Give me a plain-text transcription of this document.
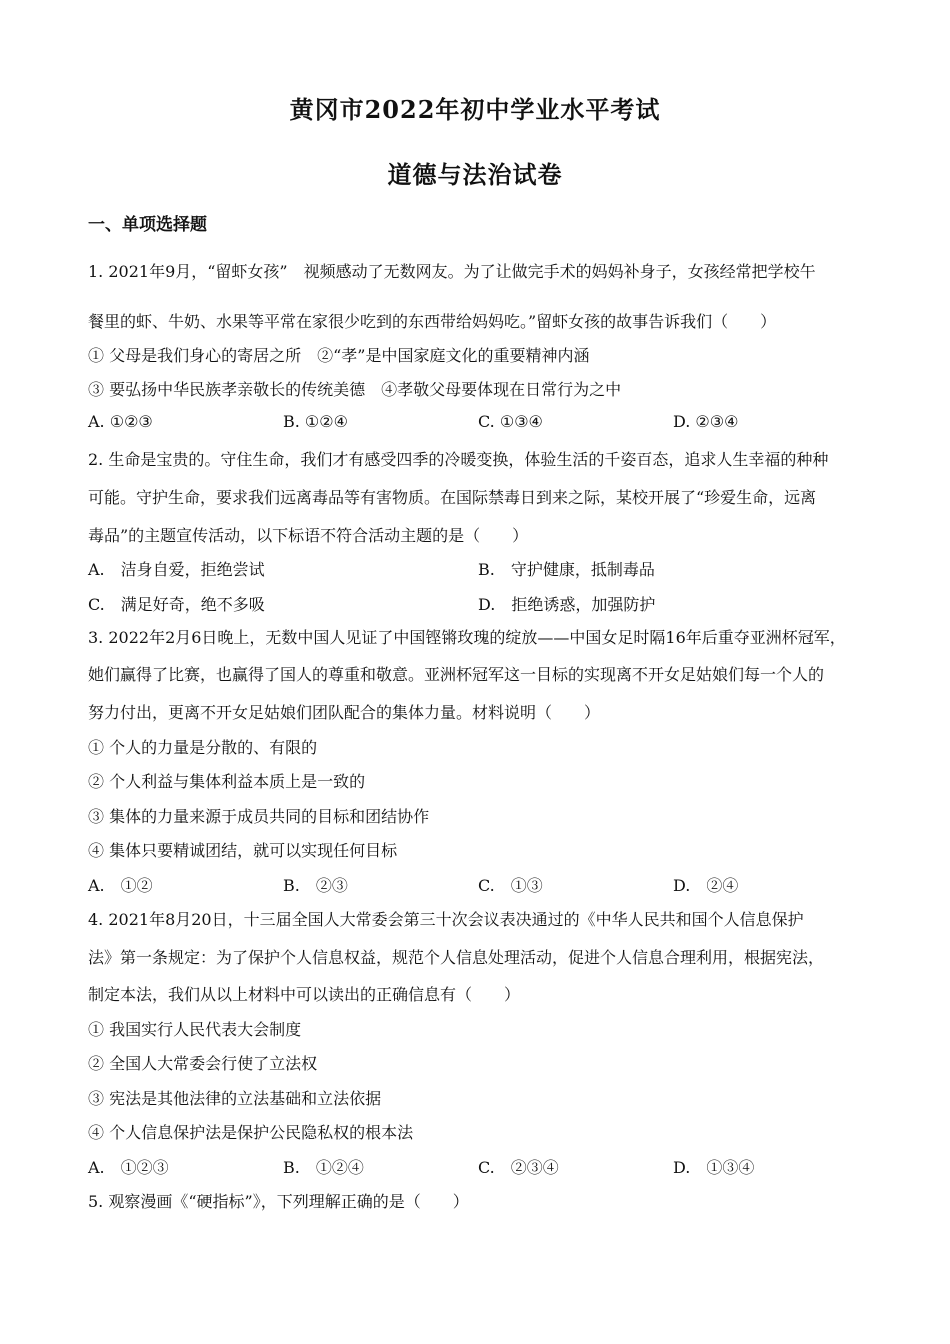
黄冈市2022年初中学业水平考试
道德与法治试卷
一、单项选择题
1. 2021年9月，“留虾女孩”　视频感动了无数网友。为了让做完手术的妈妈补身子，女孩经常把学校午
餐里的虾、牛奶、水果等平常在家很少吃到的东西带给妈妈吃。”留虾女孩的故事告诉我们（　　）
① 父母是我们身心的寄居之所　②“孝”是中国家庭文化的重要精神内涵
③ 要弘扬中华民族孝亲敬长的传统美德　④孝敬父母要体现在日常行为之中
A. ①②③	B. ①②④	C. ①③④	D. ②③④
2. 生命是宝贵的。守住生命，我们才有感受四季的冷暖变换，体验生活的千姿百态，追求人生幸福的种种
可能。守护生命，要求我们远离毒品等有害物质。在国际禁毒日到来之际，某校开展了“珍爱生命，远离
毒品”的主题宣传活动，以下标语不符合活动主题的是（　　）
A.　洁身自爱，拒绝尝试	B.　守护健康，抵制毒品
C.　满足好奇，绝不多吸	D.　拒绝诱惑，加强防护
3. 2022年2月6日晚上，无数中国人见证了中国铿锵玫瑰的绽放——中国女足时隔16年后重夺亚洲杯冠军，
她们赢得了比赛，也赢得了国人的尊重和敬意。亚洲杯冠军这一目标的实现离不开女足姑娘们每一个人的
努力付出，更离不开女足姑娘们团队配合的集体力量。材料说明（　　）
① 个人的力量是分散的、有限的
② 个人利益与集体利益本质上是一致的
③ 集体的力量来源于成员共同的目标和团结协作
④ 集体只要精诚团结，就可以实现任何目标
A.　①②	B.　②③	C.　①③	D.　②④
4. 2021年8月20日，十三届全国人大常委会第三十次会议表决通过的《中华人民共和国个人信息保护
法》第一条规定：为了保护个人信息权益，规范个人信息处理活动，促进个人信息合理利用，根据宪法，
制定本法，我们从以上材料中可以读出的正确信息有（　　）
① 我国实行人民代表大会制度
② 全国人大常委会行使了立法权
③ 宪法是其他法律的立法基础和立法依据
④ 个人信息保护法是保护公民隐私权的根本法
A.　①②③	B.　①②④	C.　②③④	D.　①③④
5. 观察漫画《“硬指标”》，下列理解正确的是（　　）
